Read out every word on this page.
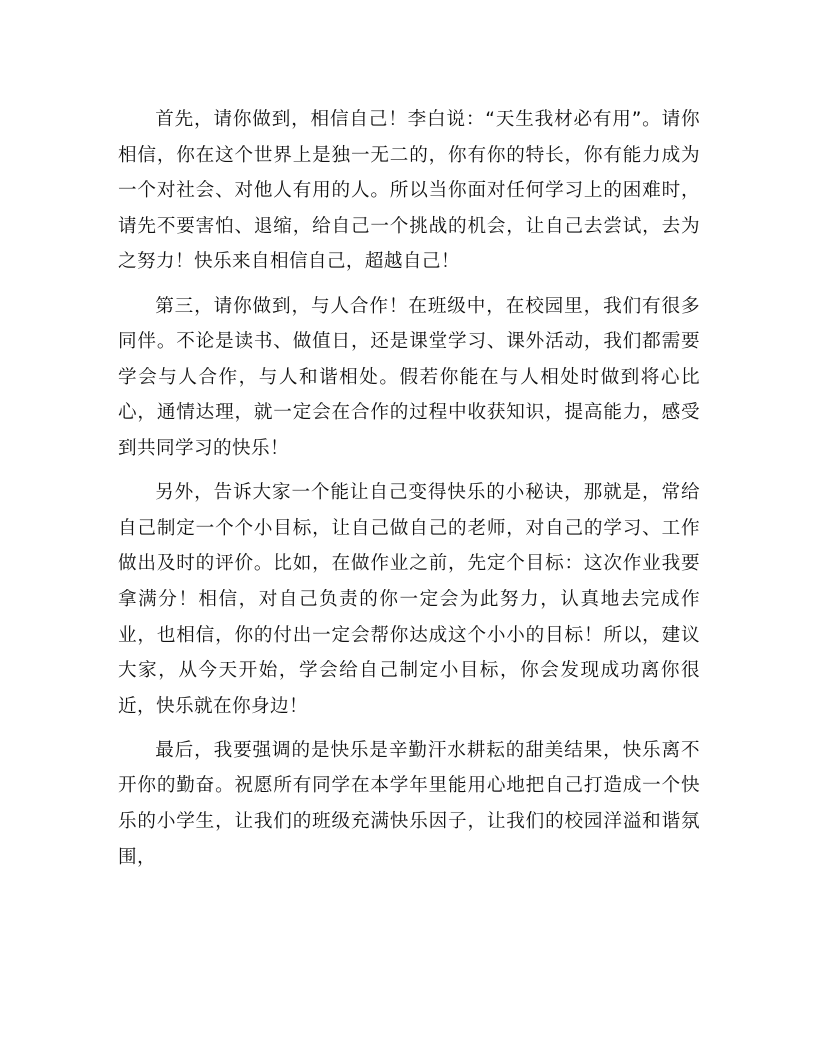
首先，请你做到，相信自己！李白说：“天生我材必有用”。请你相信，你在这个世界上是独一无二的，你有你的特长，你有能力成为一个对社会、对他人有用的人。所以当你面对任何学习上的困难时，请先不要害怕、退缩，给自己一个挑战的机会，让自己去尝试，去为之努力！快乐来自相信自己，超越自己！

第三，请你做到，与人合作！在班级中，在校园里，我们有很多同伴。不论是读书、做值日，还是课堂学习、课外活动，我们都需要学会与人合作，与人和谐相处。假若你能在与人相处时做到将心比心，通情达理，就一定会在合作的过程中收获知识，提高能力，感受到共同学习的快乐！

另外，告诉大家一个能让自己变得快乐的小秘诀，那就是，常给自己制定一个个小目标，让自己做自己的老师，对自己的学习、工作做出及时的评价。比如，在做作业之前，先定个目标：这次作业我要拿满分！相信，对自己负责的你一定会为此努力，认真地去完成作业，也相信，你的付出一定会帮你达成这个小小的目标！所以，建议大家，从今天开始，学会给自己制定小目标，你会发现成功离你很近，快乐就在你身边！

最后，我要强调的是快乐是辛勤汗水耕耘的甜美结果，快乐离不开你的勤奋。祝愿所有同学在本学年里能用心地把自己打造成一个快乐的小学生，让我们的班级充满快乐因子，让我们的校园洋溢和谐氛围，
